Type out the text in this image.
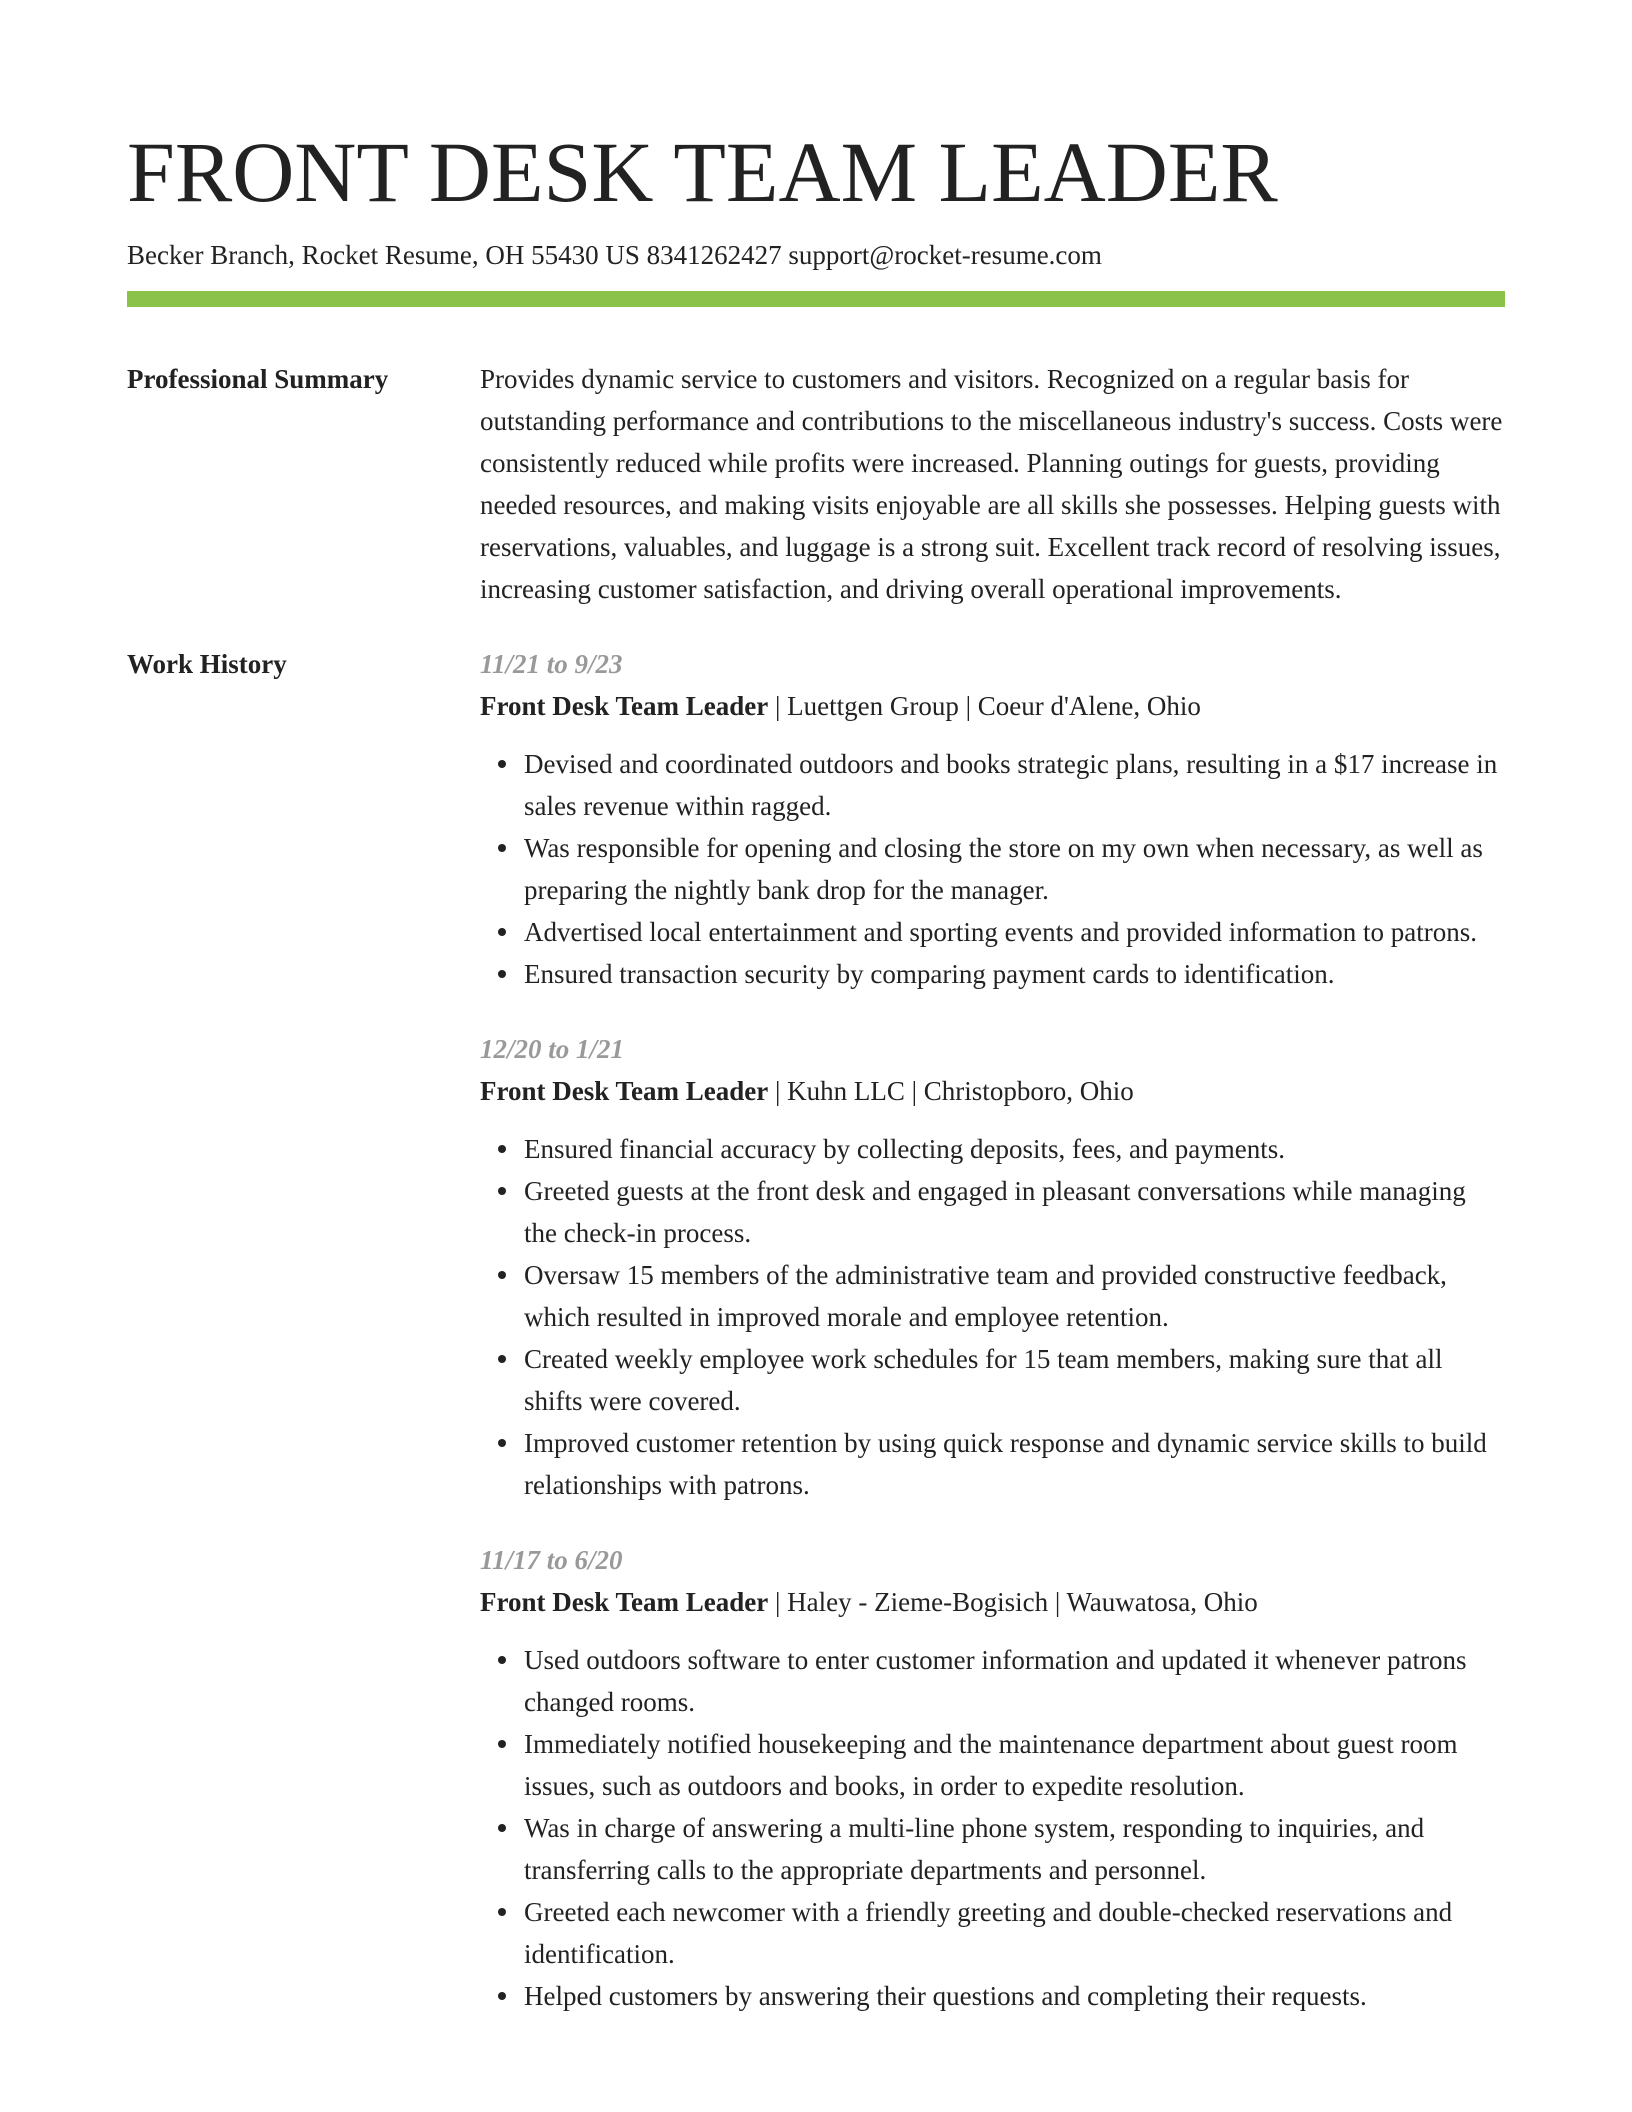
FRONT DESK TEAM LEADER
Becker Branch, Rocket Resume, OH 55430 US 8341262427 support@rocket-resume.com
Professional Summary	Provides dynamic service to customers and visitors. Recognized on a regular basis for outstanding performance and contributions to the miscellaneous industry's success. Costs were consistently reduced while profits were increased. Planning outings for guests, providing needed resources, and making visits enjoyable are all skills she possesses. Helping guests with reservations, valuables, and luggage is a strong suit. Excellent track record of resolving issues, increasing customer satisfaction, and driving overall operational improvements.

Work History	11/21 to 9/23

Front Desk Team Leader | Luettgen Group | Coeur d'Alene, Ohio

Devised and coordinated outdoors and books strategic plans, resulting in a $17 increase in sales revenue within ragged.
Was responsible for opening and closing the store on my own when necessary, as well as preparing the nightly bank drop for the manager.
Advertised local entertainment and sporting events and provided information to patrons.
Ensured transaction security by comparing payment cards to identification.
12/20 to 1/21

Front Desk Team Leader | Kuhn LLC | Christopboro, Ohio

Ensured financial accuracy by collecting deposits, fees, and payments.
Greeted guests at the front desk and engaged in pleasant conversations while managing the check-in process.
Oversaw 15 members of the administrative team and provided constructive feedback, which resulted in improved morale and employee retention.
Created weekly employee work schedules for 15 team members, making sure that all shifts were covered.
Improved customer retention by using quick response and dynamic service skills to build relationships with patrons.
11/17 to 6/20

Front Desk Team Leader | Haley - Zieme-Bogisich | Wauwatosa, Ohio

Used outdoors software to enter customer information and updated it whenever patrons changed rooms.
Immediately notified housekeeping and the maintenance department about guest room issues, such as outdoors and books, in order to expedite resolution.
Was in charge of answering a multi-line phone system, responding to inquiries, and transferring calls to the appropriate departments and personnel.
Greeted each newcomer with a friendly greeting and double-checked reservations and identification.
Helped customers by answering their questions and completing their requests.
